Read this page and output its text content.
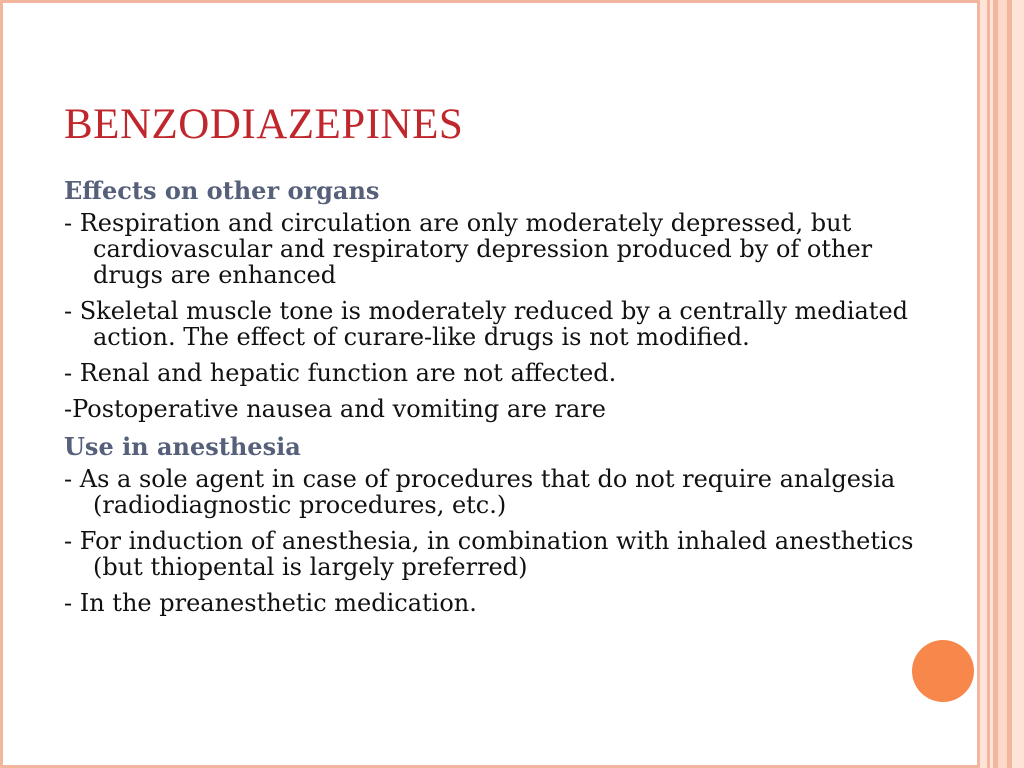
BENZODIAZEPINES
Effects on other organs
- Respiration and circulation are only moderately depressed, but cardiovascular and respiratory depression produced by of other drugs are enhanced
- Skeletal muscle tone is moderately reduced by a centrally mediated action. The effect of curare-like drugs is not modified.
- Renal and hepatic function are not affected.
-Postoperative nausea and vomiting are rare
Use in anesthesia
- As a sole agent in case of procedures that do not require analgesia (radiodiagnostic procedures, etc.)
- For induction of anesthesia, in combination with inhaled anesthetics (but thiopental is largely preferred)
- In the preanesthetic medication.
